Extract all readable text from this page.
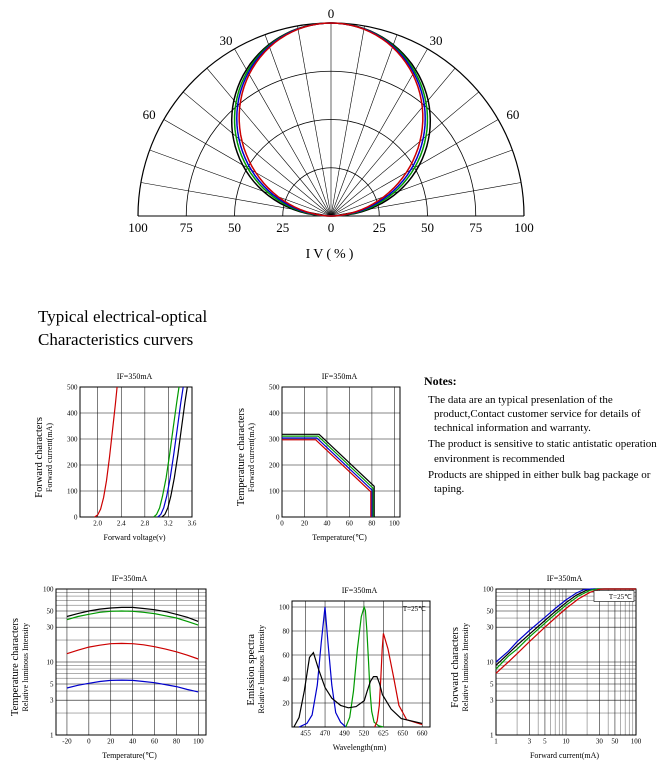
0
30	30
60	60
100 75	50	25	0	25	50	75 100
IV(%)
Typical electrical-optical
Characteristics curvers
Forward characters Forward current(mA)
IF=350mA
2.0 2.4 2.8 3.2 3.6
0
100
200
300
400
500
Forward voltage(v)
Temperature characters Forward current(mA)
IF=350mA
0 20 40 60 80 100
0
100
200
300
400
500
Temperature(℃)
Notes:

The data are an typical presenlation of the product,Contact customer service for details of technical information and warranty.

The product is sensitive to static antistatic operation environment is recommended

Products are shipped in either bulk bag package or taping.

Temperature characters Relative luminous Intensity
IF=350mA
-20 0 20 40 60 80 100
1
3
5
10
30
50
100
Temperature(℃)
Emission spectra Relative luminous Intensity
IF=350mA
455 470 490 520 625 650 660
20
40
60
80
100	T=25℃
Wavelength(nm)
Forward characters Relative luminous Intensity
IF=350mA
1	3 5 10	30 50 100
1
3
5
10
30
50
100
T=25℃
Forward current(mA)
